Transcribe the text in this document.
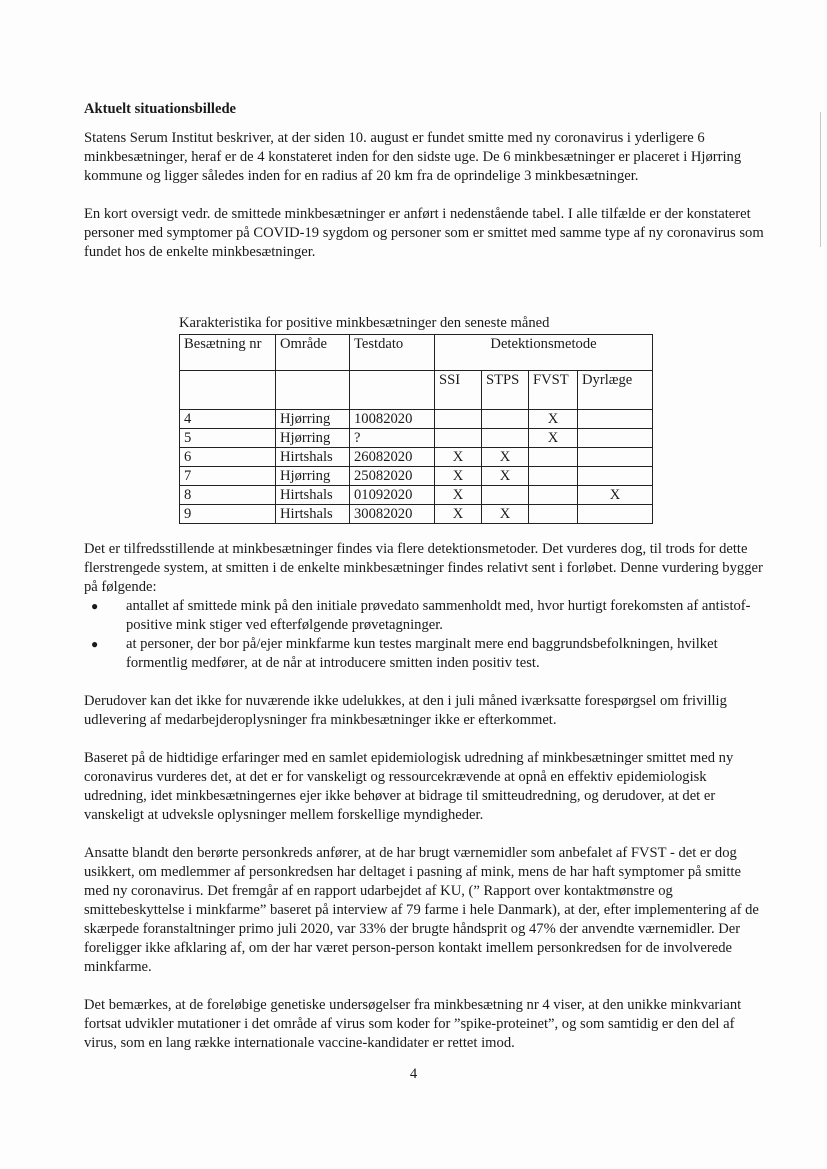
Aktuelt situationsbillede

Statens Serum Institut beskriver, at der siden 10. august er fundet smitte med ny coronavirus i yderligere 6 minkbesætninger, heraf er de 4 konstateret inden for den sidste uge. De 6 minkbesætninger er placeret i Hjørring kommune og ligger således inden for en radius af 20 km fra de oprindelige 3 minkbesætninger.

En kort oversigt vedr. de smittede minkbesætninger er anført i nedenstående tabel. I alle tilfælde er der konstateret personer med symptomer på COVID-19 sygdom og personer som er smittet med samme type af ny coronavirus som fundet hos de enkelte minkbesætninger.

Karakteristika for positive minkbesætninger den seneste måned
Besætning nr	Område	Testdato	Detektionsmetode			
			SSI	STPS	FVST	Dyrlæge
4	Hjørring	10082020			X	
5	Hjørring	?			X	
6	Hirtshals	26082020	X	X		
7	Hjørring	25082020	X	X		
8	Hirtshals	01092020	X			X
9	Hirtshals	30082020	X	X		

Det er tilfredsstillende at minkbesætninger findes via flere detektionsmetoder. Det vurderes dog, til trods for dette flerstrengede system, at smitten i de enkelte minkbesætninger findes relativt sent i forløbet. Denne vurdering bygger på følgende:

● antallet af smittede mink på den initiale prøvedato sammenholdt med, hvor hurtigt forekomsten af antistof-positive mink stiger ved efterfølgende prøvetagninger.
● at personer, der bor på/ejer minkfarme kun testes marginalt mere end baggrundsbefolkningen, hvilket formentlig medfører, at de når at introducere smitten inden positiv test.

Derudover kan det ikke for nuværende ikke udelukkes, at den i juli måned iværksatte forespørgsel om frivillig udlevering af medarbejderoplysninger fra minkbesætninger ikke er efterkommet.

Baseret på de hidtidige erfaringer med en samlet epidemiologisk udredning af minkbesætninger smittet med ny coronavirus vurderes det, at det er for vanskeligt og ressourcekrævende at opnå en effektiv epidemiologisk udredning, idet minkbesætningernes ejer ikke behøver at bidrage til smitteudredning, og derudover, at det er vanskeligt at udveksle oplysninger mellem forskellige myndigheder.

Ansatte blandt den berørte personkreds anfører, at de har brugt værnemidler som anbefalet af FVST - det er dog usikkert, om medlemmer af personkredsen har deltaget i pasning af mink, mens de har haft symptomer på smitte med ny coronavirus. Det fremgår af en rapport udarbejdet af KU, (” Rapport over kontaktmønstre og smittebeskyttelse i minkfarme” baseret på interview af 79 farme i hele Danmark), at der, efter implementering af de skærpede foranstaltninger primo juli 2020, var 33% der brugte håndsprit og 47% der anvendte værnemidler. Der foreligger ikke afklaring af, om der har været person-person kontakt imellem personkredsen for de involverede minkfarme.

Det bemærkes, at de foreløbige genetiske undersøgelser fra minkbesætning nr 4 viser, at den unikke minkvariant fortsat udvikler mutationer i det område af virus som koder for ”spike-proteinet”, og som samtidig er den del af virus, som en lang række internationale vaccine-kandidater er rettet imod.

4
